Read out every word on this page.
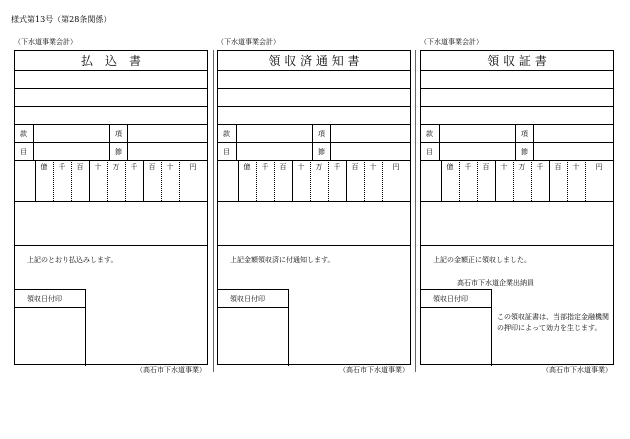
様式第13号（第28条関係）
（下水道事業会計）
払　込　書
款	項
目	節
億	千	百	十	万	千	百	十	円
上記のとおり払込みします。
領収日付印
（高石市下水道事業）
（下水道事業会計）
領 収 済 通 知 書
款	項
目	節
億	千	百	十	万	千	百	十	円
上記金額領収済に付通知します。
領収日付印
（高石市下水道事業）
（下水道事業会計）
領 収 証 書
款	項
目	節
億	千	百	十	万	千	百	十	円
上記の金額正に領収しました。
高石市下水道企業出納員
領収日付印
この領収証書は、当部指定金融機関の押印によって効力を生じます。
（高石市下水道事業）
